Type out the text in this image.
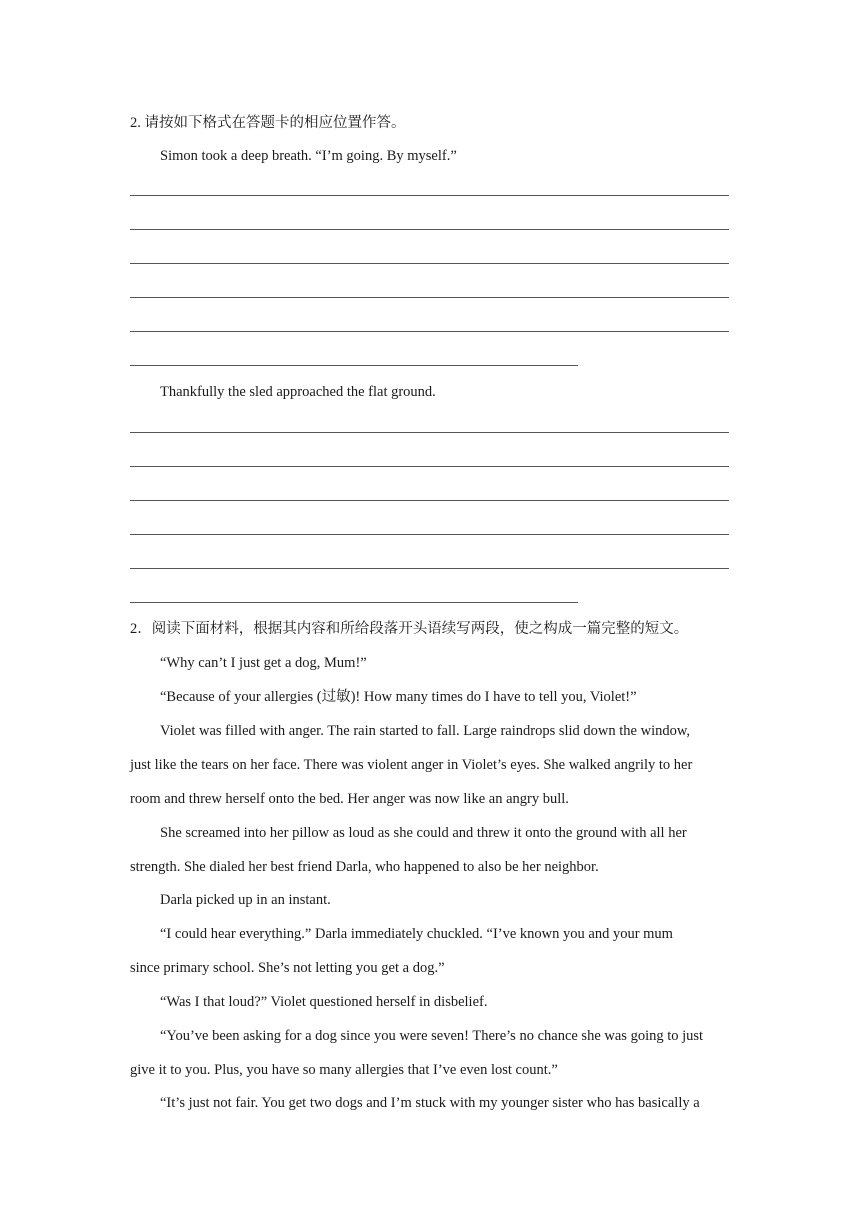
2. 请按如下格式在答题卡的相应位置作答。
Simon took a deep breath. “I’m going. By myself.”
Thankfully the sled approached the flat ground.
2．阅读下面材料，根据其内容和所给段落开头语续写两段，使之构成一篇完整的短文。
“Why can’t I just get a dog, Mum!”
“Because of your allergies (过敏)! How many times do I have to tell you, Violet!”
Violet was filled with anger. The rain started to fall. Large raindrops slid down the window,
just like the tears on her face. There was violent anger in Violet’s eyes. She walked angrily to her
room and threw herself onto the bed. Her anger was now like an angry bull.
She screamed into her pillow as loud as she could and threw it onto the ground with all her
strength. She dialed her best friend Darla, who happened to also be her neighbor.
Darla picked up in an instant.
“I could hear everything.” Darla immediately chuckled. “I’ve known you and your mum
since primary school. She’s not letting you get a dog.”
“Was I that loud?” Violet questioned herself in disbelief.
“You’ve been asking for a dog since you were seven! There’s no chance she was going to just
give it to you. Plus, you have so many allergies that I’ve even lost count.”
“It’s just not fair. You get two dogs and I’m stuck with my younger sister who has basically a
